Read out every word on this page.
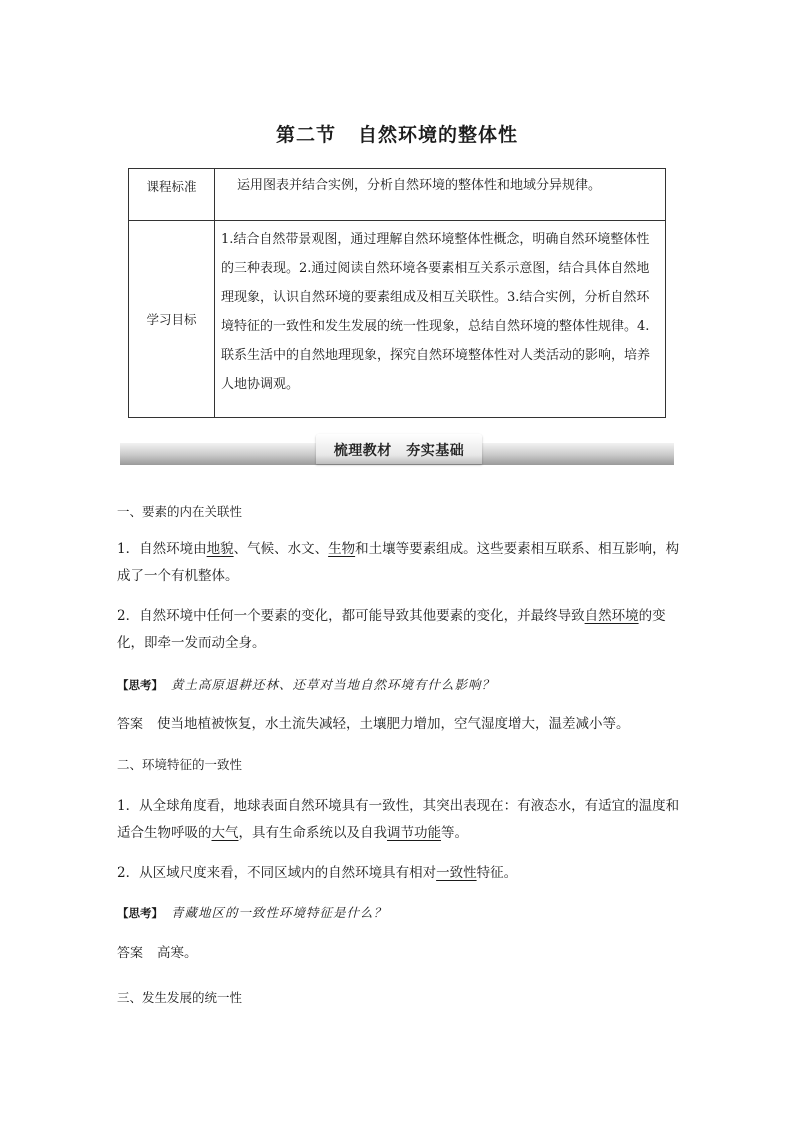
第二节 自然环境的整体性
课程标准	运用图表并结合实例，分析自然环境的整体性和地域分异规律。
学习目标	1.结合自然带景观图，通过理解自然环境整体性概念，明确自然环境整体性的三种表现。2.通过阅读自然环境各要素相互关系示意图，结合具体自然地理现象，认识自然环境的要素组成及相互关联性。3.结合实例，分析自然环境特征的一致性和发生发展的统一性现象，总结自然环境的整体性规律。4.联系生活中的自然地理现象，探究自然环境整体性对人类活动的影响，培养人地协调观。
梳理教材　夯实基础
一、要素的内在关联性
1．自然环境由地貌、气候、水文、生物和土壤等要素组成。这些要素相互联系、相互影响，构成了一个有机整体。
2．自然环境中任何一个要素的变化，都可能导致其他要素的变化，并最终导致自然环境的变化，即牵一发而动全身。
【思考】 黄土高原退耕还林、还草对当地自然环境有什么影响？
答案 使当地植被恢复，水土流失减轻，土壤肥力增加，空气湿度增大，温差减小等。
二、环境特征的一致性
1．从全球角度看，地球表面自然环境具有一致性，其突出表现在：有液态水，有适宜的温度和适合生物呼吸的大气，具有生命系统以及自我调节功能等。
2．从区域尺度来看，不同区域内的自然环境具有相对一致性特征。
【思考】 青藏地区的一致性环境特征是什么？
答案 高寒。
三、发生发展的统一性
